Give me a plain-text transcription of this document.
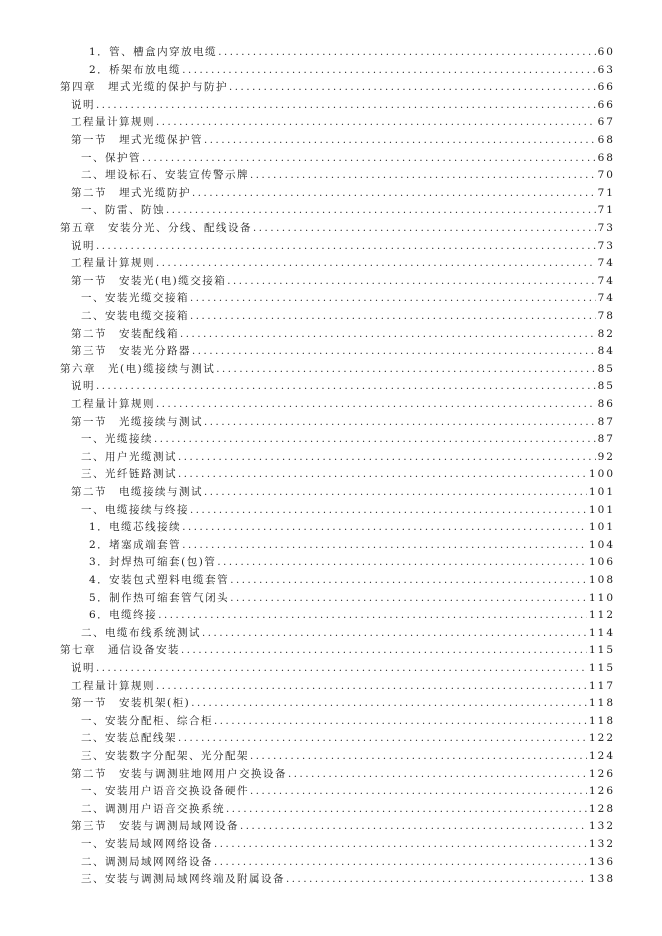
1．管、槽盒内穿放电缆 .....	60
2．桥架布放电缆 .....	63
第四章　埋式光缆的保护与防护 .....	66
说明 .....	66
工程量计算规则 .....	67
第一节　埋式光缆保护管 .....	68
一、保护管 .....	68
二、埋设标石、安装宣传警示牌 .....	70
第二节　埋式光缆防护 .....	71
一、防雷、防蚀 .....	71
第五章　安装分光、分线、配线设备 .....	73
说明 .....	73
工程量计算规则 .....	74
第一节　安装光(电)缆交接箱 .....	74
一、安装光缆交接箱 .....	74
二、安装电缆交接箱 .....	78
第二节　安装配线箱 .....	82
第三节　安装光分路器 .....	84
第六章　光(电)缆接续与测试 .....	85
说明 .....	85
工程量计算规则 .....	86
第一节　光缆接续与测试 .....	87
一、光缆接续 .....	87
二、用户光缆测试 .....	92
三、光纤链路测试 .....	100
第二节　电缆接续与测试 .....	101
一、电缆接续与终接 .....	101
1．电缆芯线接续 .....	101
2．堵塞成端套管 .....	104
3．封焊热可缩套(包)管 .....	106
4．安装包式塑料电缆套管 .....	108
5．制作热可缩套管气闭头 .....	110
6．电缆终接 .....	112
二、电缆布线系统测试 .....	114
第七章　通信设备安装 .....	115
说明 .....	115
工程量计算规则 .....	117
第一节　安装机架(柜) .....	118
一、安装分配柜、综合柜 .....	118
二、安装总配线架 .....	122
三、安装数字分配架、光分配架 .....	124
第二节　安装与调测驻地网用户交换设备 .....	126
一、安装用户语音交换设备硬件 .....	126
二、调测用户语音交换系统 .....	128
第三节　安装与调测局域网设备 .....	132
一、安装局域网网络设备 .....	132
二、调测局域网网络设备 .....	136
三、安装与调测局域网终端及附属设备 .....	138
